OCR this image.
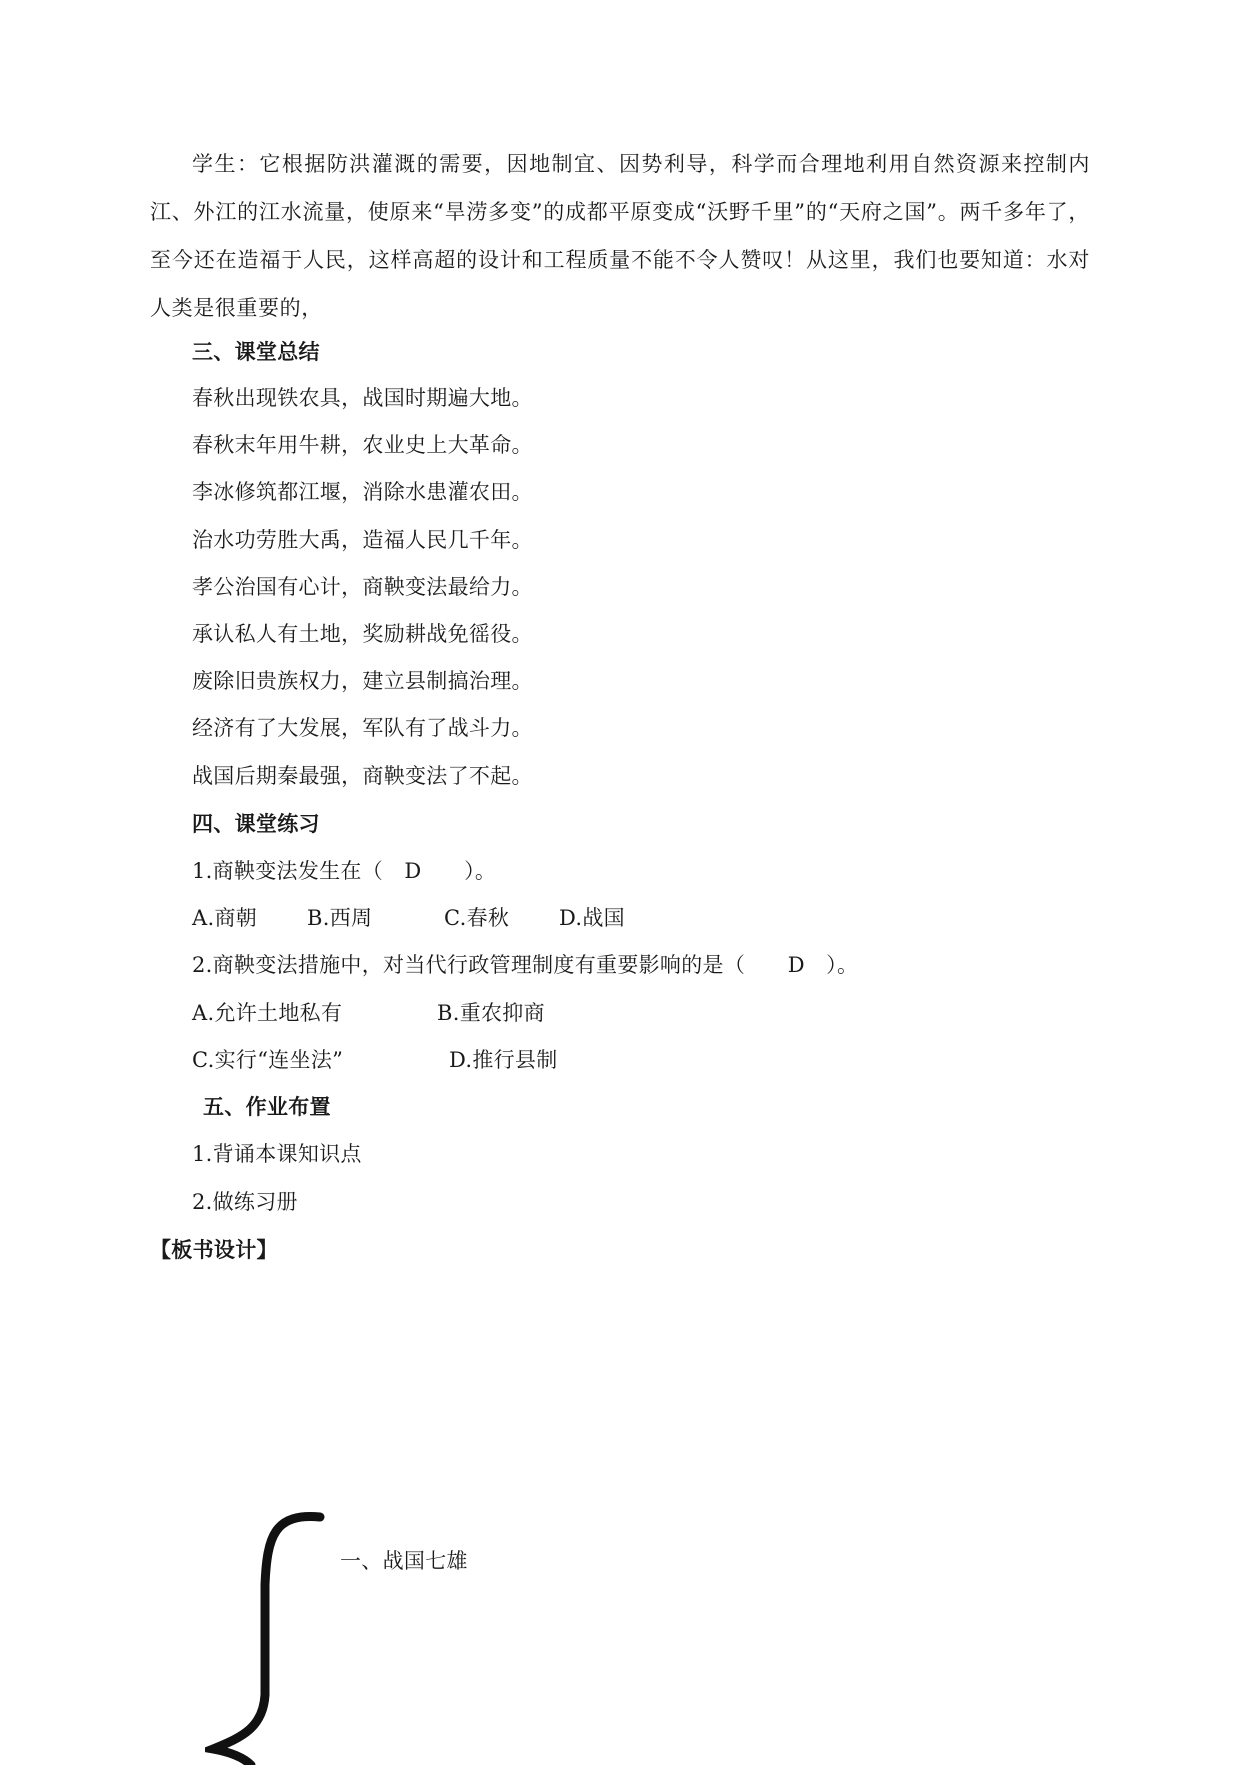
学生：它根据防洪灌溉的需要，因地制宜、因势利导，科学而合理地利用自然资源来控制内江、外江的江水流量，使原来“旱涝多变”的成都平原变成“沃野千里”的“天府之国”。两千多年了，至今还在造福于人民，这样高超的设计和工程质量不能不令人赞叹！从这里，我们也要知道：水对人类是很重要的，

三、课堂总结
春秋出现铁农具，战国时期遍大地。
春秋末年用牛耕，农业史上大革命。
李冰修筑都江堰，消除水患灌农田。
治水功劳胜大禹，造福人民几千年。
孝公治国有心计，商鞅变法最给力。
承认私人有土地，奖励耕战免徭役。
废除旧贵族权力，建立县制搞治理。
经济有了大发展，军队有了战斗力。
战国后期秦最强，商鞅变法了不起。
四、课堂练习
1.商鞅变法发生在（　D　　）。
A.商朝 B.西周	C.春秋 D.战国
2.商鞅变法措施中，对当代行政管理制度有重要影响的是（　　D　）。
A.允许土地私有	B.重农抑商
C.实行“连坐法”	D.推行县制
五、作业布置
1.背诵本课知识点
2.做练习册
【板书设计】
一、战国七雄
